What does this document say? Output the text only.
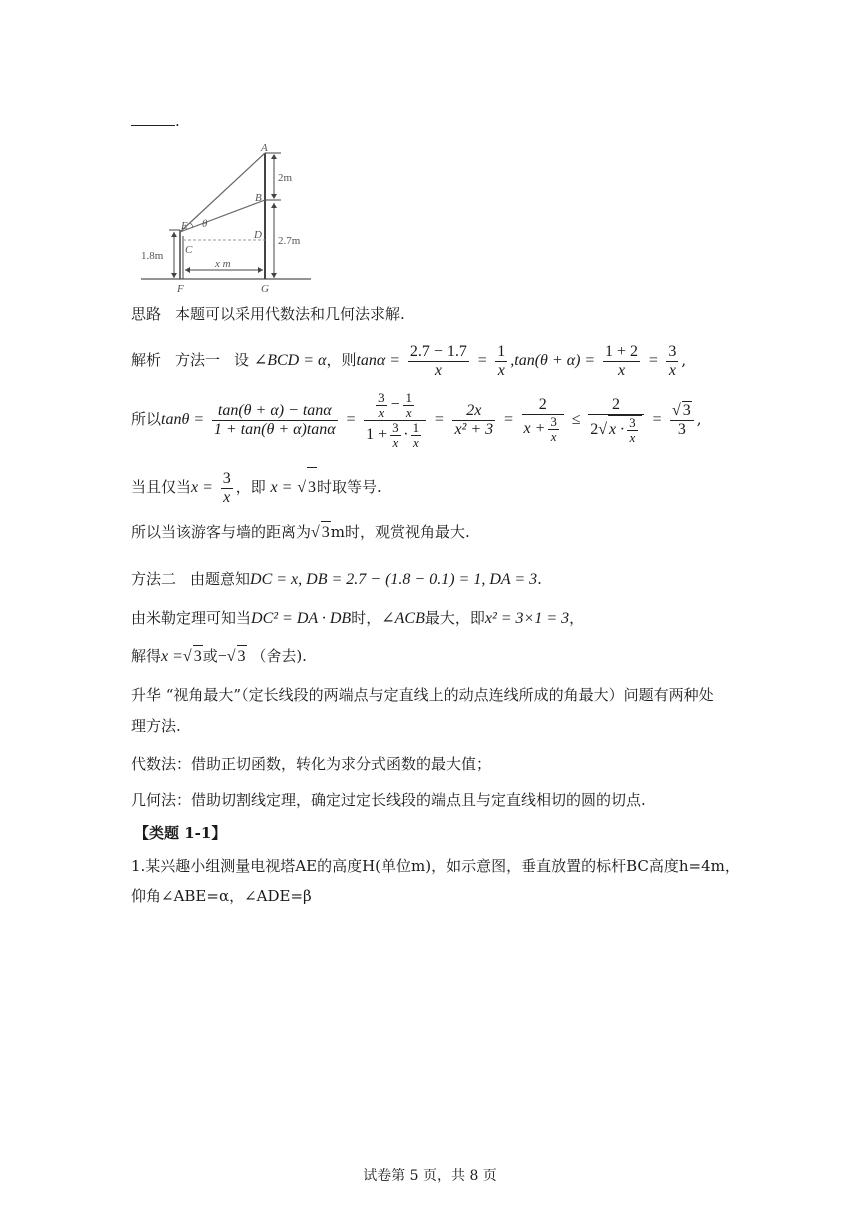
.
A
B
D
E
C
θ
F	G
2m
2.7m
1.8m
x m
思路 本题可以采用代数法和几何法求解.
解析 方法一 设 ∠BCD = α，则$\tan\alpha = \frac{2.7 - 1.7}{x} = \frac{1}{x} ,\tan(\theta + \alpha) = \frac{1 + 2}{x} = \frac{3}{x}$ ,
所以$\tan\theta = \frac{\tan(\theta + \alpha) - \tan\alpha}{1 + \tan(\theta + \alpha)\tan\alpha} = \frac{\frac{3}{x} - \frac{1}{x}}{1 + \frac{3}{x} \cdot \frac{1}{x}} = \frac{2x}{\text{x² + 3}} = \frac{2}{x + \frac{3}{x}} \le \frac{2}{2√ x \cdot \frac{3}{x}} = \frac{√ 3}{3}$ ,
当且仅当$x = \frac{3}{x}$ ，即 x = √ 3时取等号.
所以当该游客与墙的距离为√ 3m时，观赏视角最大.
方法二 由题意知DC = x, DB = 2.7 − (1.8 − 0.1) = 1, DA = 3.
由米勒定理可知当DC² = DA · DB时，∠ACB最大，即x² = 3×1 = 3，
解得x =√ 3或−√ 3 （舍去).
升华 “视角最大”（定长线段的两端点与定直线上的动点连线所成的角最大）问题有两种处
理方法.
代数法：借助正切函数，转化为求分式函数的最大值；
几何法：借助切割线定理，确定过定长线段的端点且与定直线相切的圆的切点.
【类题 1-1】
1.某兴趣小组测量电视塔AE的高度H(单位m)，如示意图，垂直放置的标杆BC高度h=4m，
仰角∠ABE=α，∠ADE=β
试卷第 5 页，共 8 页
